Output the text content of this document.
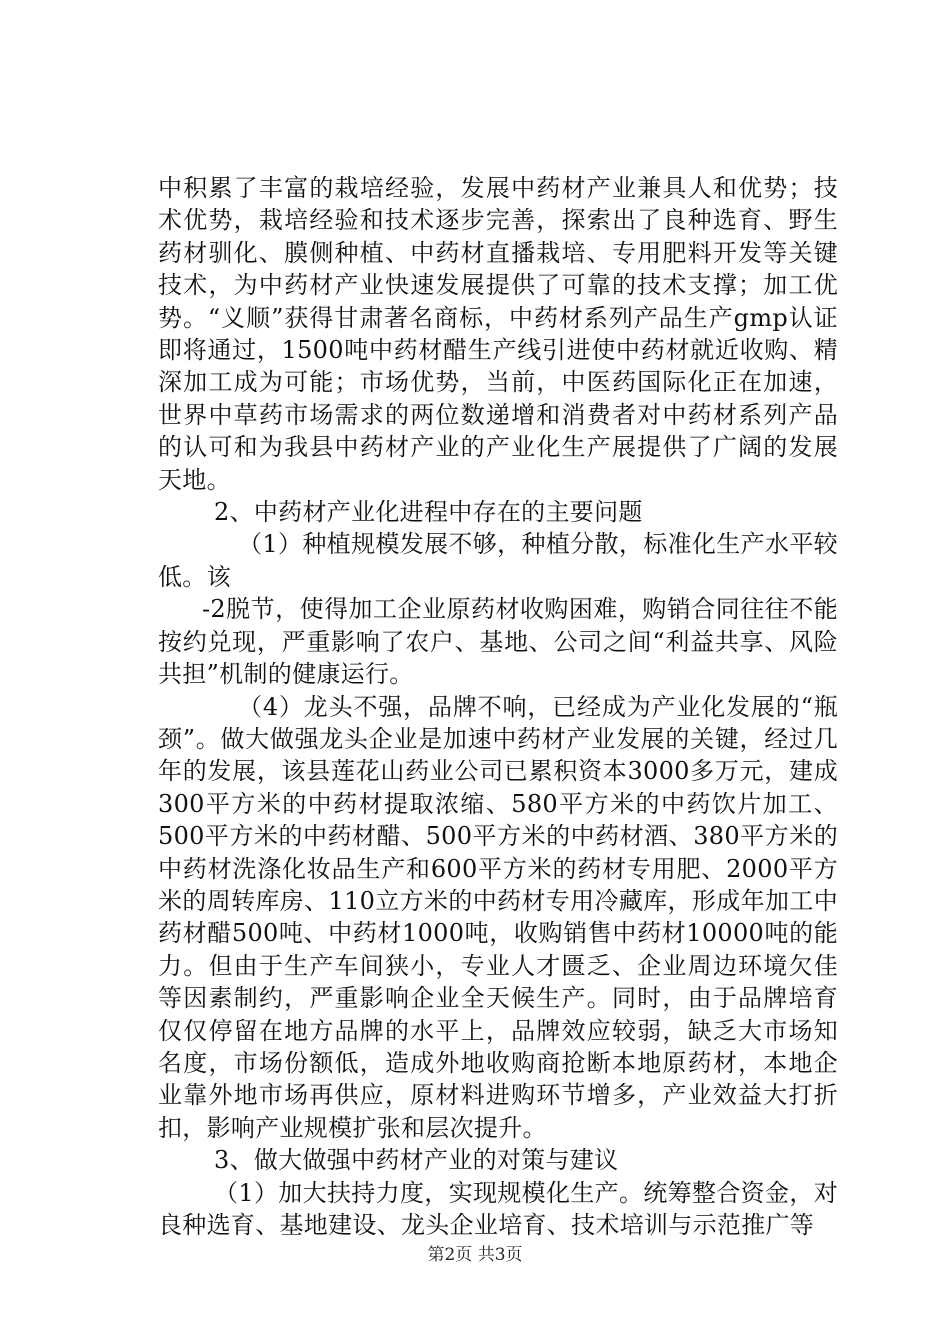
中积累了丰富的栽培经验，发展中药材产业兼具人和优势；技术优势，栽培经验和技术逐步完善，探索出了良种选育、野生药材驯化、膜侧种植、中药材直播栽培、专用肥料开发等关键技术，为中药材产业快速发展提供了可靠的技术支撑；加工优势。“义顺”获得甘肃著名商标，中药材系列产品生产gmp认证即将通过，1500吨中药材醋生产线引进使中药材就近收购、精深加工成为可能；市场优势，当前，中医药国际化正在加速，世界中草药市场需求的两位数递增和消费者对中药材系列产品的认可和为我县中药材产业的产业化生产展提供了广阔的发展天地。

2、中药材产业化进程中存在的主要问题

（1）种植规模发展不够，种植分散，标准化生产水平较低。该

-2脱节，使得加工企业原药材收购困难，购销合同往往不能按约兑现，严重影响了农户、基地、公司之间“利益共享、风险共担”机制的健康运行。

（4）龙头不强，品牌不响，已经成为产业化发展的“瓶颈”。做大做强龙头企业是加速中药材产业发展的关键，经过几年的发展，该县莲花山药业公司已累积资本3000多万元，建成300平方米的中药材提取浓缩、580平方米的中药饮片加工、500平方米的中药材醋、500平方米的中药材酒、380平方米的中药材洗涤化妆品生产和600平方米的药材专用肥、2000平方米的周转库房、110立方米的中药材专用冷藏库，形成年加工中药材醋500吨、中药材1000吨，收购销售中药材10000吨的能力。但由于生产车间狭小，专业人才匮乏、企业周边环境欠佳等因素制约，严重影响企业全天候生产。同时，由于品牌培育仅仅停留在地方品牌的水平上，品牌效应较弱，缺乏大市场知名度，市场份额低，造成外地收购商抢断本地原药材，本地企业靠外地市场再供应，原材料进购环节增多，产业效益大打折扣，影响产业规模扩张和层次提升。

3、做大做强中药材产业的对策与建议

（1）加大扶持力度，实现规模化生产。统筹整合资金，对良种选育、基地建设、龙头企业培育、技术培训与示范推广等

第2页 共3页
